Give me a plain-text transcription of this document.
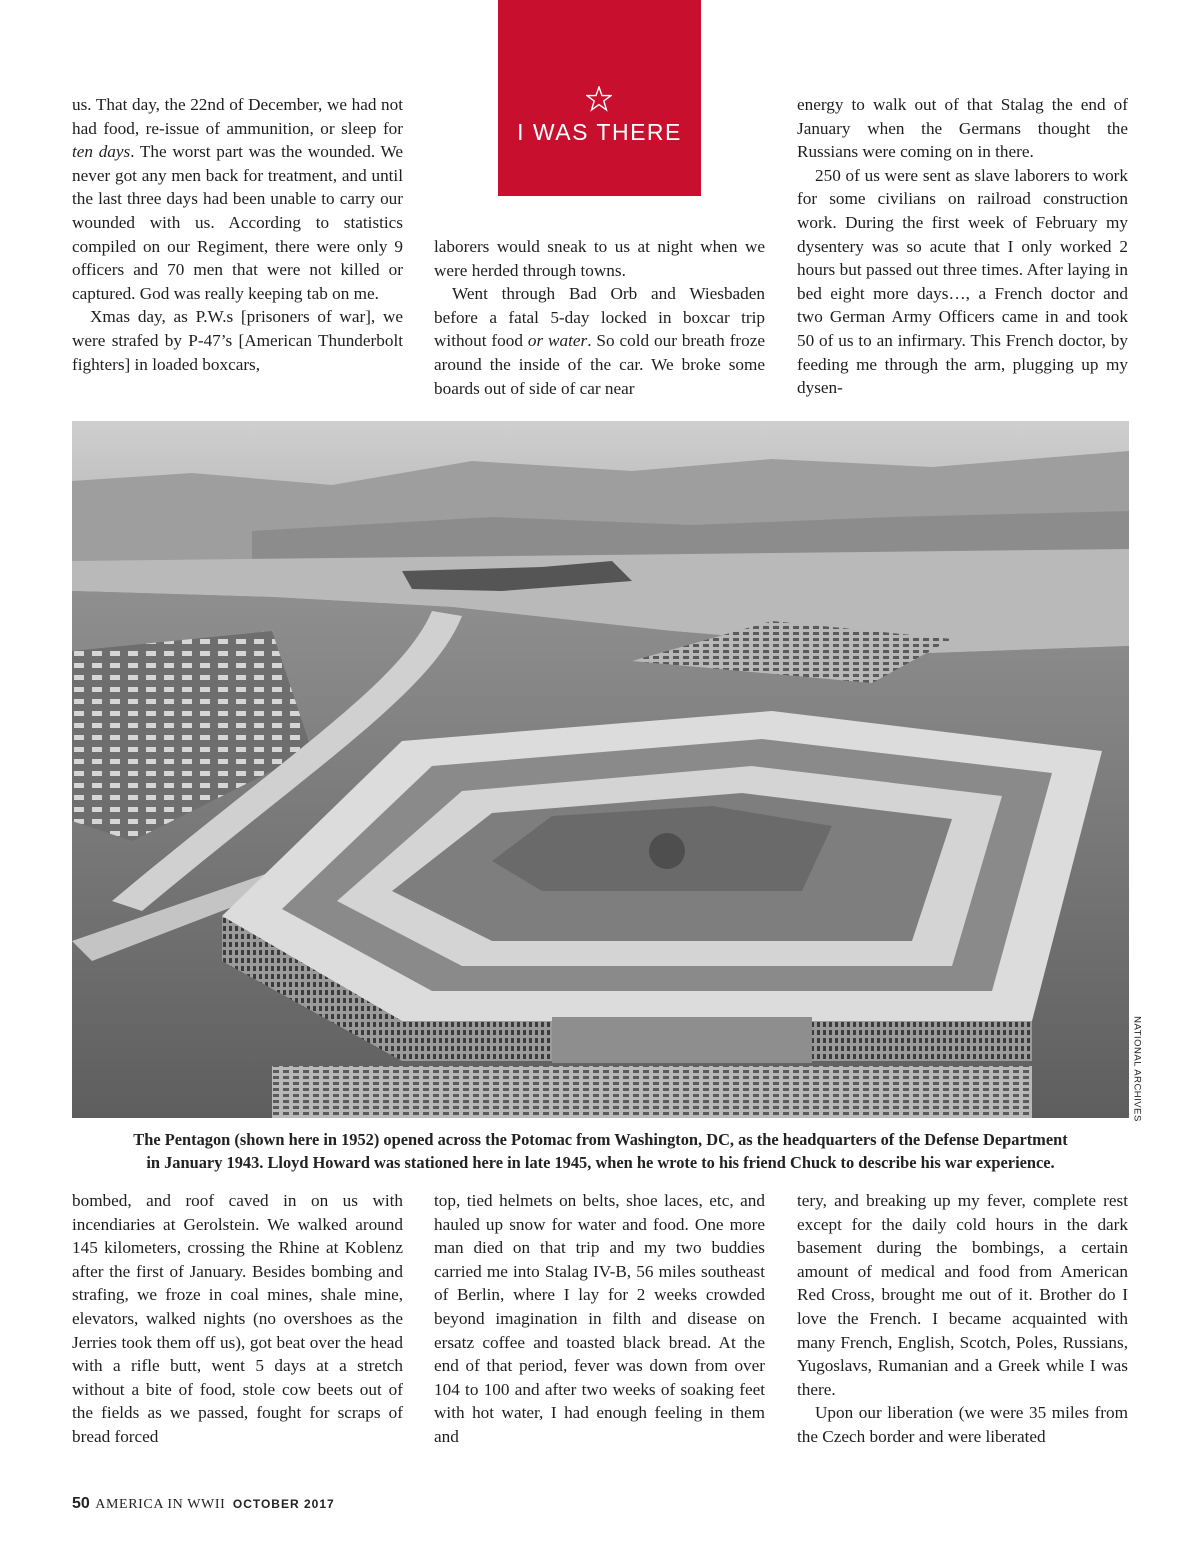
us. That day, the 22nd of December, we had not had food, re-issue of ammunition, or sleep for ten days. The worst part was the wounded. We never got any men back for treatment, and until the last three days had been unable to carry our wounded with us. According to statistics compiled on our Regiment, there were only 9 officers and 70 men that were not killed or captured. God was really keeping tab on me.

Xmas day, as P.W.s [prisoners of war], we were strafed by P-47’s [American Thunderbolt fighters] in loaded boxcars,

laborers would sneak to us at night when we were herded through towns.

Went through Bad Orb and Wiesbaden before a fatal 5-day locked in boxcar trip without food or water. So cold our breath froze around the inside of the car. We broke some boards out of side of car near

energy to walk out of that Stalag the end of January when the Germans thought the Russians were coming on in there.

250 of us were sent as slave laborers to work for some civilians on railroad construction work. During the first week of February my dysentery was so acute that I only worked 2 hours but passed out three times. After laying in bed eight more days…, a French doctor and two German Army Officers came in and took 50 of us to an infirmary. This French doctor, by feeding me through the arm, plugging up my dysen-

I WAS THERE
NATIONAL ARCHIVES
The Pentagon (shown here in 1952) opened across the Potomac from Washington, DC, as the headquarters of the Defense Department
in January 1943. Lloyd Howard was stationed here in late 1945, when he wrote to his friend Chuck to describe his war experience.

bombed, and roof caved in on us with incendiaries at Gerolstein. We walked around 145 kilometers, crossing the Rhine at Koblenz after the first of January. Besides bombing and strafing, we froze in coal mines, shale mine, elevators, walked nights (no overshoes as the Jerries took them off us), got beat over the head with a rifle butt, went 5 days at a stretch without a bite of food, stole cow beets out of the fields as we passed, fought for scraps of bread forced

top, tied helmets on belts, shoe laces, etc, and hauled up snow for water and food. One more man died on that trip and my two buddies carried me into Stalag IV-B, 56 miles southeast of Berlin, where I lay for 2 weeks crowded beyond imagination in filth and disease on ersatz coffee and toasted black bread. At the end of that period, fever was down from over 104 to 100 and after two weeks of soaking feet with hot water, I had enough feeling in them and

tery, and breaking up my fever, complete rest except for the daily cold hours in the dark basement during the bombings, a certain amount of medical and food from American Red Cross, brought me out of it. Brother do I love the French. I became acquainted with many French, English, Scotch, Poles, Russians, Yugoslavs, Rumanian and a Greek while I was there.

Upon our liberation (we were 35 miles from the Czech border and were liberated

50 AMERICA IN WWII OCTOBER 2017
